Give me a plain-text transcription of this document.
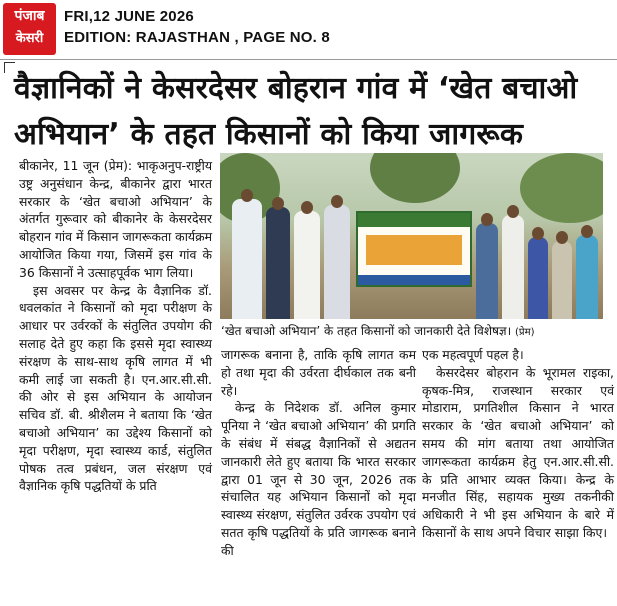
पंजाब
केसरी
FRI,12 JUNE 2026
EDITION: RAJASTHAN , PAGE NO. 8
वैज्ञानिकों ने केसरदेसर बोहरान गांव में ‘खेत बचाओ
अभियान’ के तहत किसानों को किया जागरूक

बीकानेर, 11 जून (प्रेम): भाकृअनुप-राष्ट्रीय उष्ट्र अनुसंधान केन्द्र, बीकानेर द्वारा भारत सरकार के ‘खेत बचाओ अभियान’ के अंतर्गत गुरूवार को बीकानेर के केसरदेसर बोहरान गांव में किसान जागरूकता कार्यक्रम आयोजित किया गया, जिसमें इस गांव के 36 किसानों ने उत्साहपूर्वक भाग लिया।

इस अवसर पर केन्द्र के वैज्ञानिक डॉ. धवलकांत ने किसानों को मृदा परीक्षण के आधार पर उर्वरकों के संतुलित उपयोग की सलाह देते हुए कहा कि इससे मृदा स्वास्थ्य संरक्षण के साथ-साथ कृषि लागत में भी कमी लाई जा सकती है। एन.आर.सी.सी. की ओर से इस अभियान के आयोजन सचिव डॉ. बी. श्रीशैलम ने बताया कि ‘खेत बचाओ अभियान’ का उद्देश्य किसानों को मृदा परीक्षण, मृदा स्वास्थ्य कार्ड, संतुलित पोषक तत्व प्रबंधन, जल संरक्षण एवं वैज्ञानिक कृषि पद्धतियों के प्रति

‘खेत बचाओ अभियान’ के तहत किसानों को जानकारी देते विशेषज्ञ। (प्रेम)

जागरूक बनाना है, ताकि कृषि लागत कम हो तथा मृदा की उर्वरता दीर्घकाल तक बनी रहे।

केन्द्र के निदेशक डॉ. अनिल कुमार पूनिया ने ‘खेत बचाओ अभियान’ की प्रगति के संबंध में संबद्ध वैज्ञानिकों से अद्यतन जानकारी लेते हुए बताया कि भारत सरकार द्वारा 01 जून से 30 जून, 2026 तक संचालित यह अभियान किसानों को मृदा स्वास्थ्य संरक्षण, संतुलित उर्वरक उपयोग एवं सतत कृषि पद्धतियों के प्रति जागरूक बनाने की

एक महत्वपूर्ण पहल है।

केसरदेसर बोहरान के भूरामल राइका, कृषक-मित्र, राजस्थान सरकार एवं मोडाराम, प्रगतिशील किसान ने भारत सरकार के ‘खेत बचाओ अभियान’ को समय की मांग बताया तथा आयोजित जागरूकता कार्यक्रम हेतु एन.आर.सी.सी. के प्रति आभार व्यक्त किया। केन्द्र के मनजीत सिंह, सहायक मुख्य तकनीकी अधिकारी ने भी इस अभियान के बारे में किसानों के साथ अपने विचार साझा किए।
